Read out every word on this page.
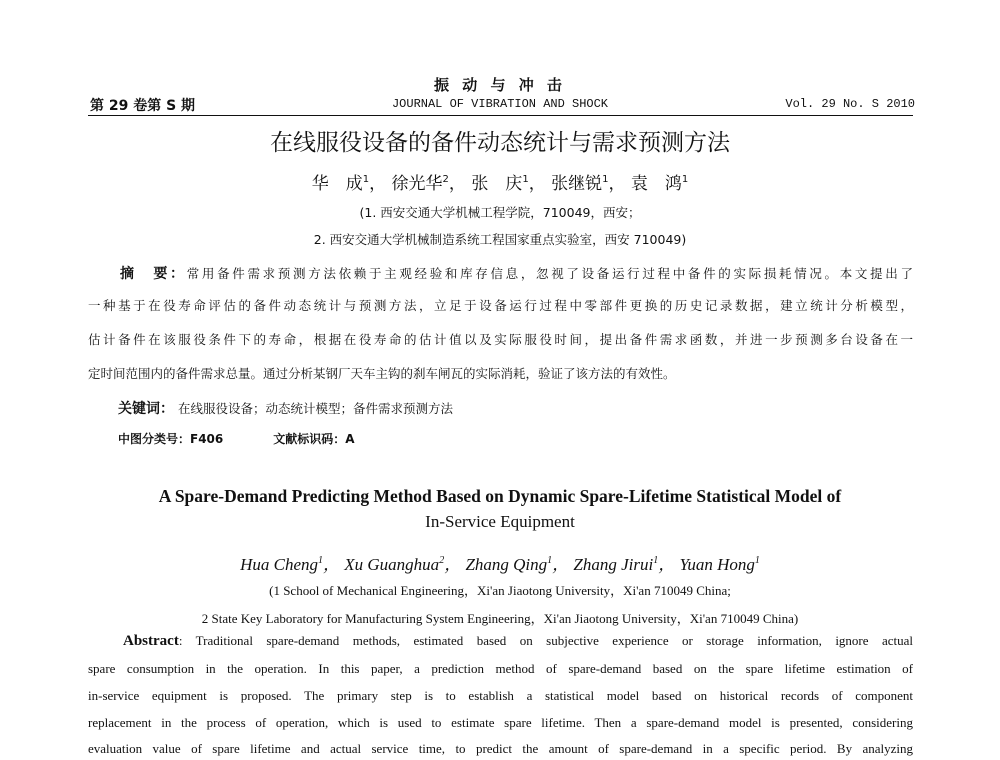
振 动 与 冲 击
第 29 卷第 S 期	JOURNAL OF VIBRATION AND SHOCK	Vol. 29 No. S 2010
在线服役设备的备件动态统计与需求预测方法
华　成$^1$， 徐光华$^2$， 张　庆$^1$， 张继锐$^1$， 袁　鸿$^1$
(1. 西安交通大学机械工程学院，710049，西安；
2. 西安交通大学机械制造系统工程国家重点实验室，西安 710049)
摘　要：常用备件需求预测方法依赖于主观经验和库存信息，忽视了设备运行过程中备件的实际损耗情况。本文提出了
一种基于在役寿命评估的备件动态统计与预测方法，立足于设备运行过程中零部件更换的历史记录数据，建立统计分析模型，
估计备件在该服役条件下的寿命，根据在役寿命的估计值以及实际服役时间，提出备件需求函数，并进一步预测多台设备在一
定时间范围内的备件需求总量。通过分析某钢厂天车主钩的刹车闸瓦的实际消耗，验证了该方法的有效性。
关键词： 在线服役设备；动态统计模型；备件需求预测方法
中图分类号：F406	文献标识码：A
A Spare-Demand Predicting Method Based on Dynamic Spare-Lifetime Statistical Model of
In-Service Equipment
Hua Cheng$^1$， Xu Guanghua$^2$， Zhang Qing$^1$， Zhang Jirui$^1$， Yuan Hong$^1$
(1 School of Mechanical Engineering，Xi'an Jiaotong University，Xi'an 710049 China;
2 State Key Laboratory for Manufacturing System Engineering，Xi'an Jiaotong University，Xi'an 710049 China)
Abstract: Traditional spare-demand methods, estimated based on subjective experience or storage information, ignore actual
spare consumption in the operation. In this paper, a prediction method of spare-demand based on the spare lifetime estimation of
in-service equipment is proposed. The primary step is to establish a statistical model based on historical records of component
replacement in the process of operation, which is used to estimate spare lifetime. Then a spare-demand model is presented, considering
evaluation value of spare lifetime and actual service time, to predict the amount of spare-demand in a specific period. By analyzing
